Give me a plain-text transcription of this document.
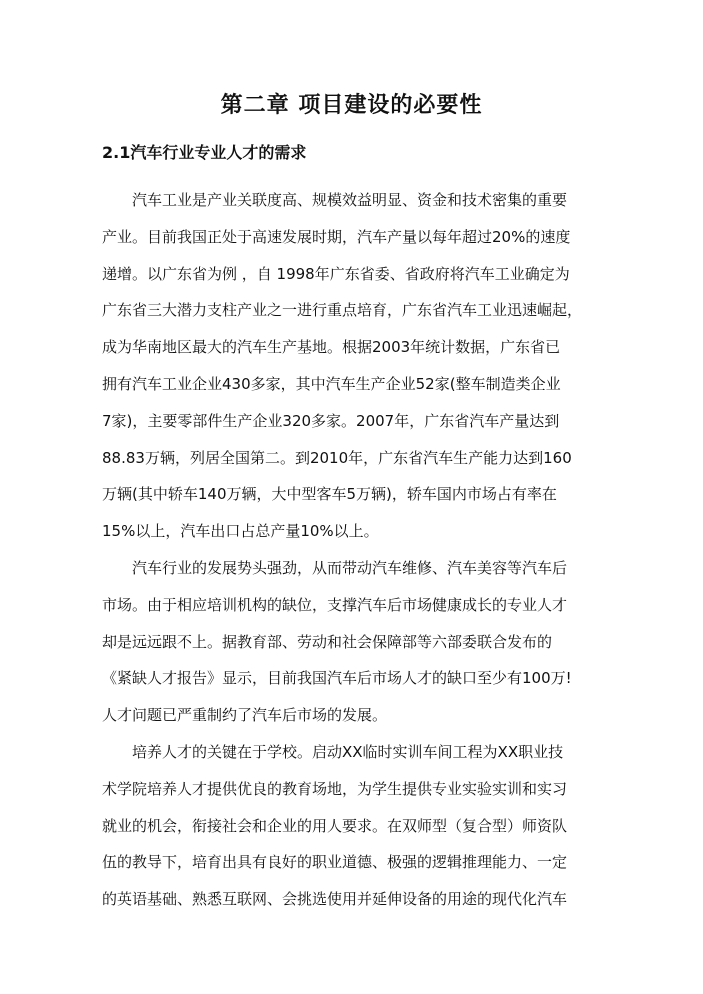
第二章 项目建设的必要性
2.1汽车行业专业人才的需求

汽车工业是产业关联度高、规模效益明显、资金和技术密集的重要
产业。目前我国正处于高速发展时期，汽车产量以每年超过20%的速度
递增。以广东省为例 ，自 1998年广东省委、省政府将汽车工业确定为
广东省三大潜力支柱产业之一进行重点培育，广东省汽车工业迅速崛起，
成为华南地区最大的汽车生产基地。根据2003年统计数据，广东省已
拥有汽车工业企业430多家，其中汽车生产企业52家(整车制造类企业
7家)，主要零部件生产企业320多家。2007年，广东省汽车产量达到
88.83万辆，列居全国第二。到2010年，广东省汽车生产能力达到160
万辆(其中轿车140万辆，大中型客车5万辆)，轿车国内市场占有率在
15%以上，汽车出口占总产量10%以上。

汽车行业的发展势头强劲，从而带动汽车维修、汽车美容等汽车后
市场。由于相应培训机构的缺位，支撑汽车后市场健康成长的专业人才
却是远远跟不上。据教育部、劳动和社会保障部等六部委联合发布的
《紧缺人才报告》显示，目前我国汽车后市场人才的缺口至少有100万!
人才问题已严重制约了汽车后市场的发展。

培养人才的关键在于学校。启动XX临时实训车间工程为XX职业技
术学院培养人才提供优良的教育场地，为学生提供专业实验实训和实习
就业的机会，衔接社会和企业的用人要求。在双师型（复合型）师资队
伍的教导下，培育出具有良好的职业道德、极强的逻辑推理能力、一定
的英语基础、熟悉互联网、会挑选使用并延伸设备的用途的现代化汽车
